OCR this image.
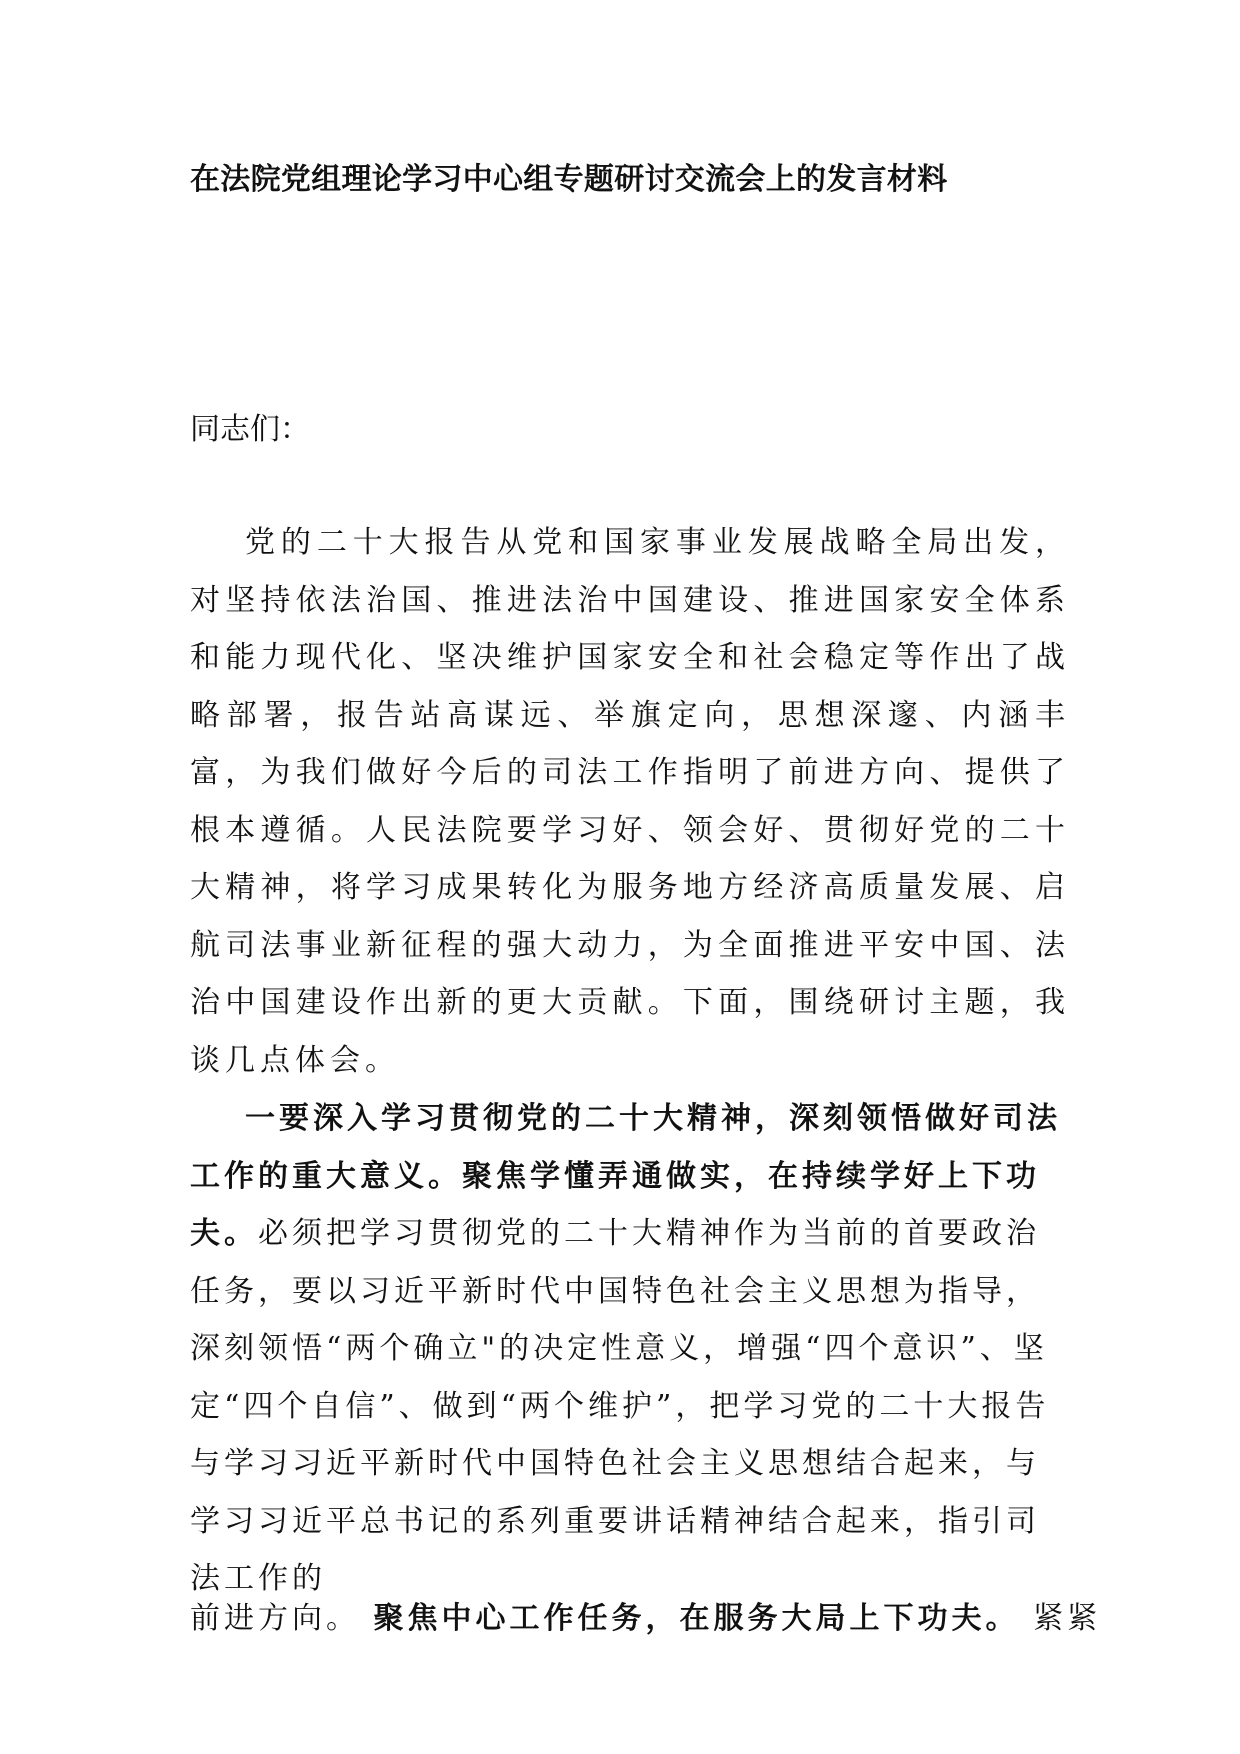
在法院党组理论学习中心组专题研讨交流会上的发言材料
同志们：
党的二十大报告从党和国家事业发展战略全局出发，对坚持依法治国、推进法治中国建设、推进国家安全体系和能力现代化、坚决维护国家安全和社会稳定等作出了战略部署，报告站高谋远、举旗定向，思想深邃、内涵丰富，为我们做好今后的司法工作指明了前进方向、提供了根本遵循。人民法院要学习好、领会好、贯彻好党的二十大精神，将学习成果转化为服务地方经济高质量发展、启航司法事业新征程的强大动力，为全面推进平安中国、法治中国建设作出新的更大贡献。下面，围绕研讨主题，我谈几点体会。
一要深入学习贯彻党的二十大精神，深刻领悟做好司法工作的重大意义。聚焦学懂弄通做实，在持续学好上下功夫。必须把学习贯彻党的二十大精神作为当前的首要政治任务，要以习近平新时代中国特色社会主义思想为指导，深刻领悟“两个确立"的决定性意义，增强“四个意识”、坚定“四个自信”、做到“两个维护”，把学习党的二十大报告与学习习近平新时代中国特色社会主义思想结合起来，与学习习近平总书记的系列重要讲话精神结合起来，指引司法工作的
前进方向。 聚焦中心工作任务，在服务大局上下功夫。 紧紧
